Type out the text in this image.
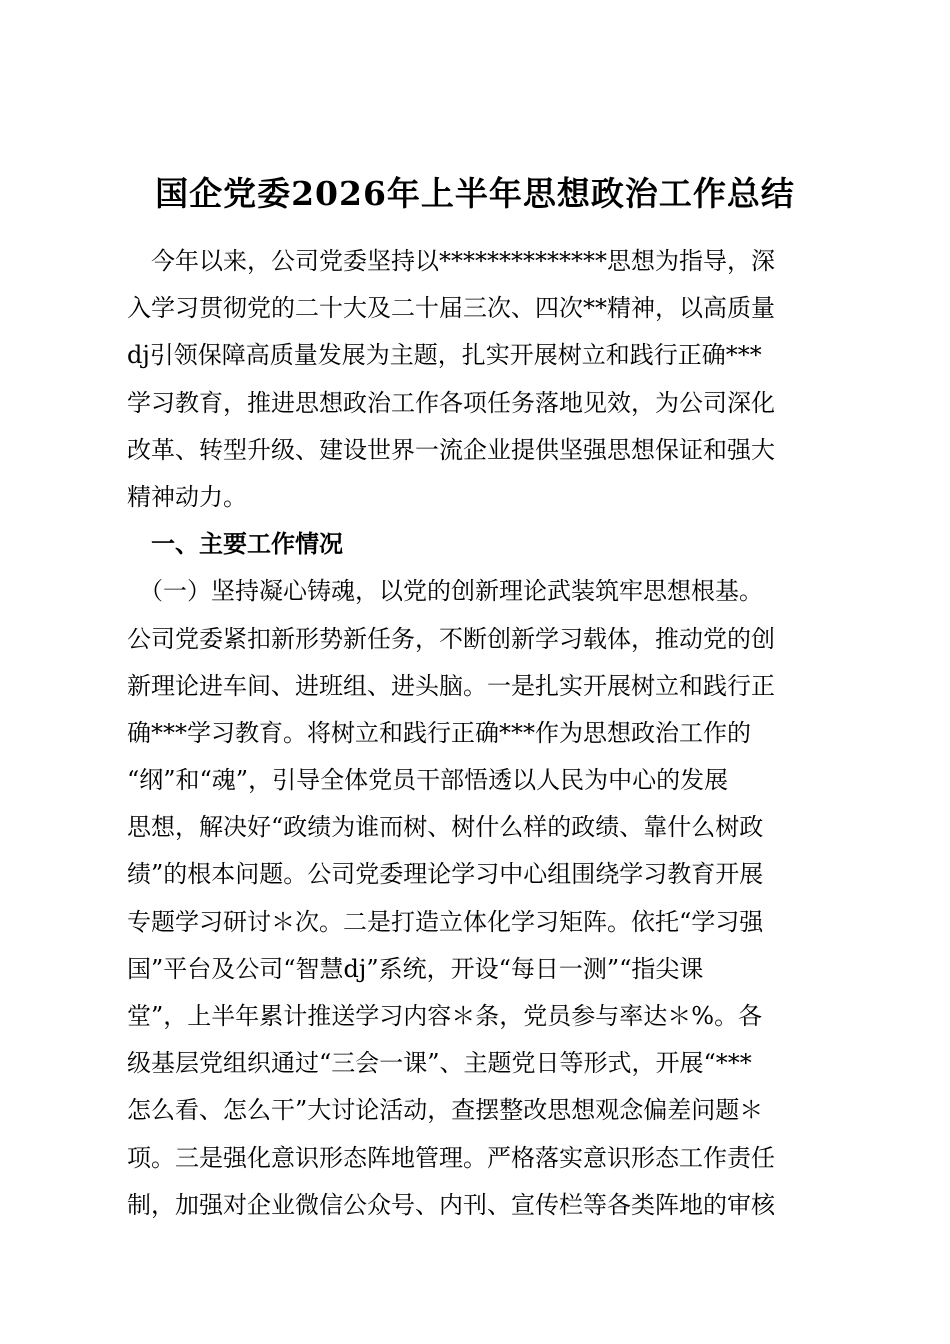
国企党委2026年上半年思想政治工作总结
　今年以来，公司党委坚持以**************思想为指导，深
入学习贯彻党的二十大及二十届三次、四次**精神，以高质量
dj引领保障高质量发展为主题，扎实开展树立和践行正确***
学习教育，推进思想政治工作各项任务落地见效，为公司深化
改革、转型升级、建设世界一流企业提供坚强思想保证和强大
精神动力。
　一、主要工作情况
　（一）坚持凝心铸魂，以党的创新理论武装筑牢思想根基。
公司党委紧扣新形势新任务，不断创新学习载体，推动党的创
新理论进车间、进班组、进头脑。一是扎实开展树立和践行正
确***学习教育。将树立和践行正确***作为思想政治工作的
“纲”和“魂”，引导全体党员干部悟透以人民为中心的发展
思想，解决好“政绩为谁而树、树什么样的政绩、靠什么树政
绩”的根本问题。公司党委理论学习中心组围绕学习教育开展
专题学习研讨＊次。二是打造立体化学习矩阵。依托“学习强
国”平台及公司“智慧dj”系统，开设“每日一测”“指尖课
堂”，上半年累计推送学习内容＊条，党员参与率达＊%。各
级基层党组织通过“三会一课”、主题党日等形式，开展“***
怎么看、怎么干”大讨论活动，查摆整改思想观念偏差问题＊
项。三是强化意识形态阵地管理。严格落实意识形态工作责任
制，加强对企业微信公众号、内刊、宣传栏等各类阵地的审核
